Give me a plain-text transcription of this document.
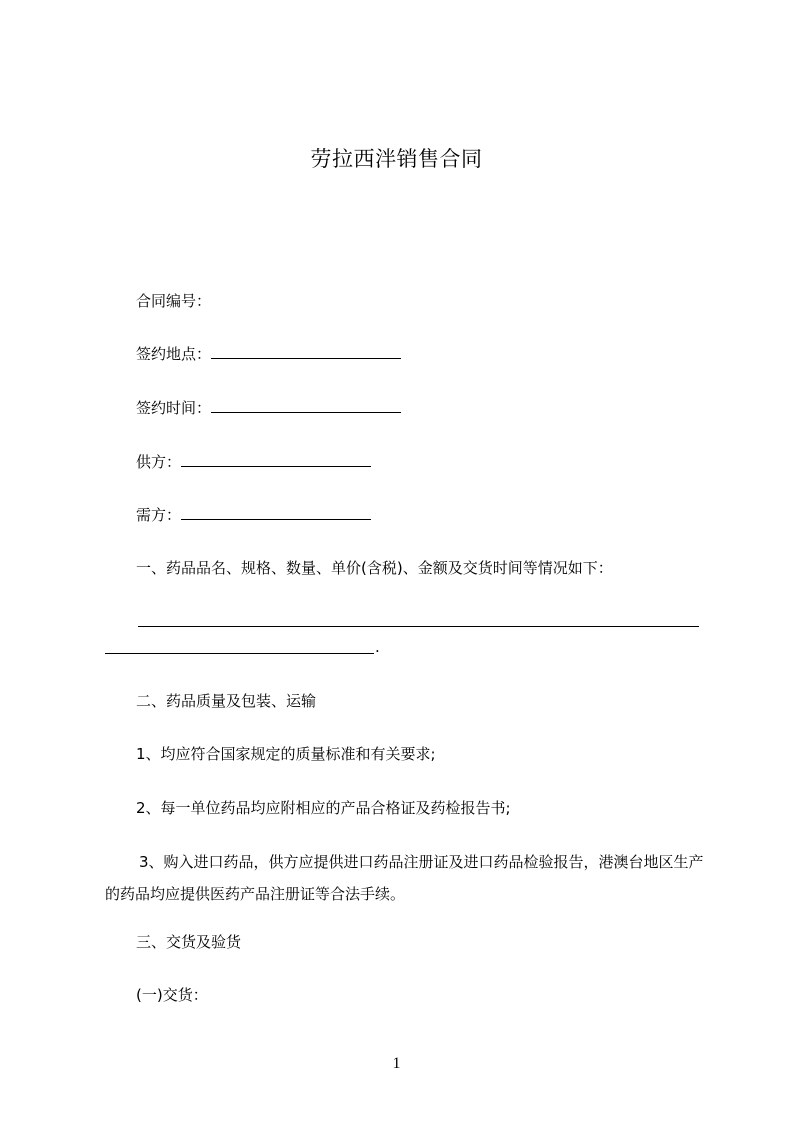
劳拉西泮销售合同
合同编号：
签约地点：
签约时间：
供方：
需方：
一、药品品名、规格、数量、单价(含税)、金额及交货时间等情况如下：
.
二、药品质量及包装、运输
1、均应符合国家规定的质量标准和有关要求;
2、每一单位药品均应附相应的产品合格证及药检报告书;
3、购入进口药品，供方应提供进口药品注册证及进口药品检验报告，港澳台地区生产的药品均应提供医药产品注册证等合法手续。
三、交货及验货
(一)交货：
1
